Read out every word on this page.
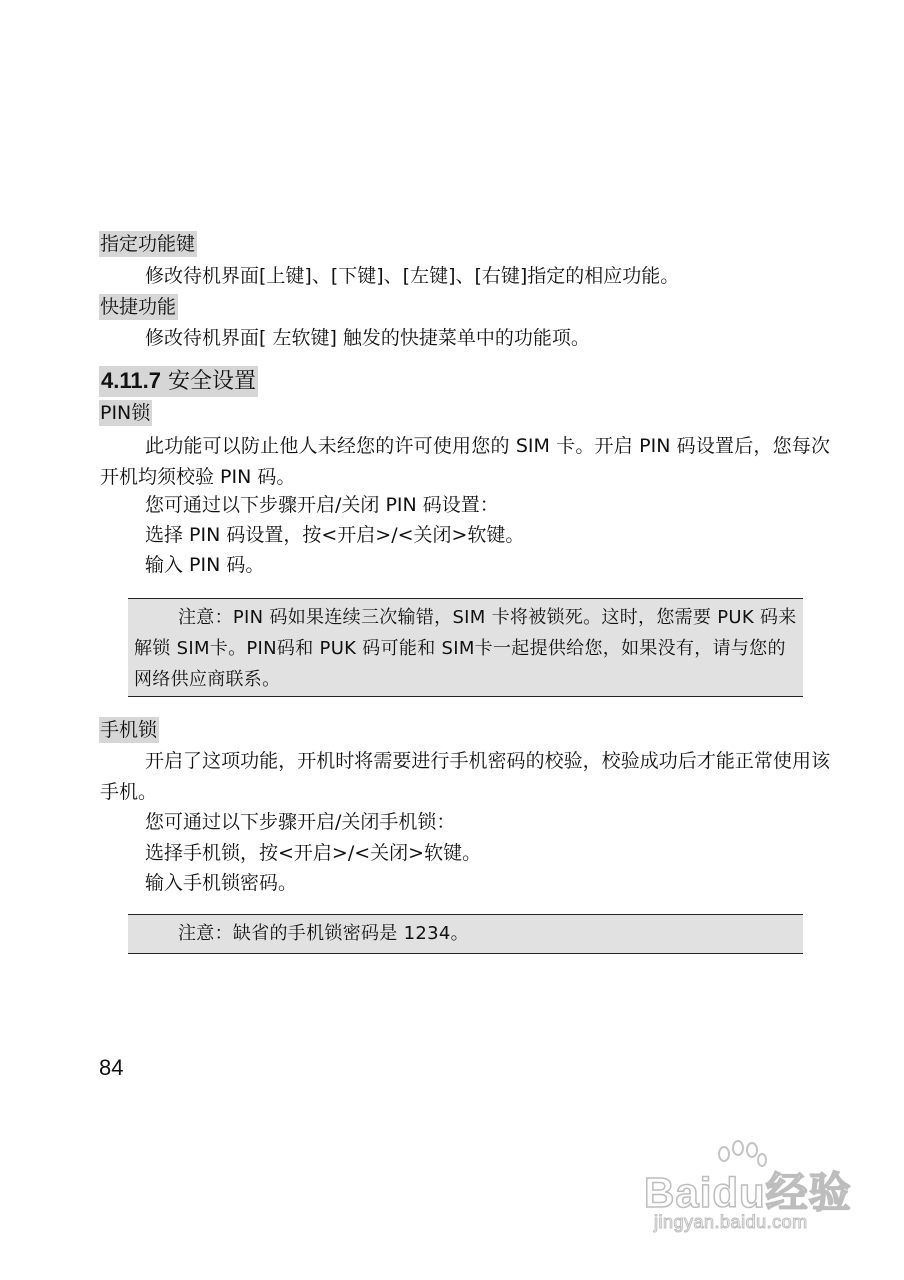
指定功能键
修改待机界面[上键]、[下键]、[左键]、[右键]指定的相应功能。
快捷功能
修改待机界面[ 左软键] 触发的快捷菜单中的功能项。
4.11.7 安全设置
PIN锁

此功能可以防止他人未经您的许可使用您的 SIM 卡。开启 PIN 码设置后，您每次开机均须校验 PIN 码。

您可通过以下步骤开启/关闭 PIN 码设置：
选择 PIN 码设置，按<开启>/<关闭>软键。
输入 PIN 码。

注意：PIN 码如果连续三次输错，SIM 卡将被锁死。这时，您需要 PUK 码来解锁 SIM卡。PIN码和 PUK 码可能和 SIM卡一起提供给您，如果没有，请与您的网络供应商联系。

手机锁

开启了这项功能，开机时将需要进行手机密码的校验，校验成功后才能正常使用该手机。

您可通过以下步骤开启/关闭手机锁：
选择手机锁，按<开启>/<关闭>软键。
输入手机锁密码。

注意：缺省的手机锁密码是 1234。

84
Baidu经验
jingyan.baidu.com
